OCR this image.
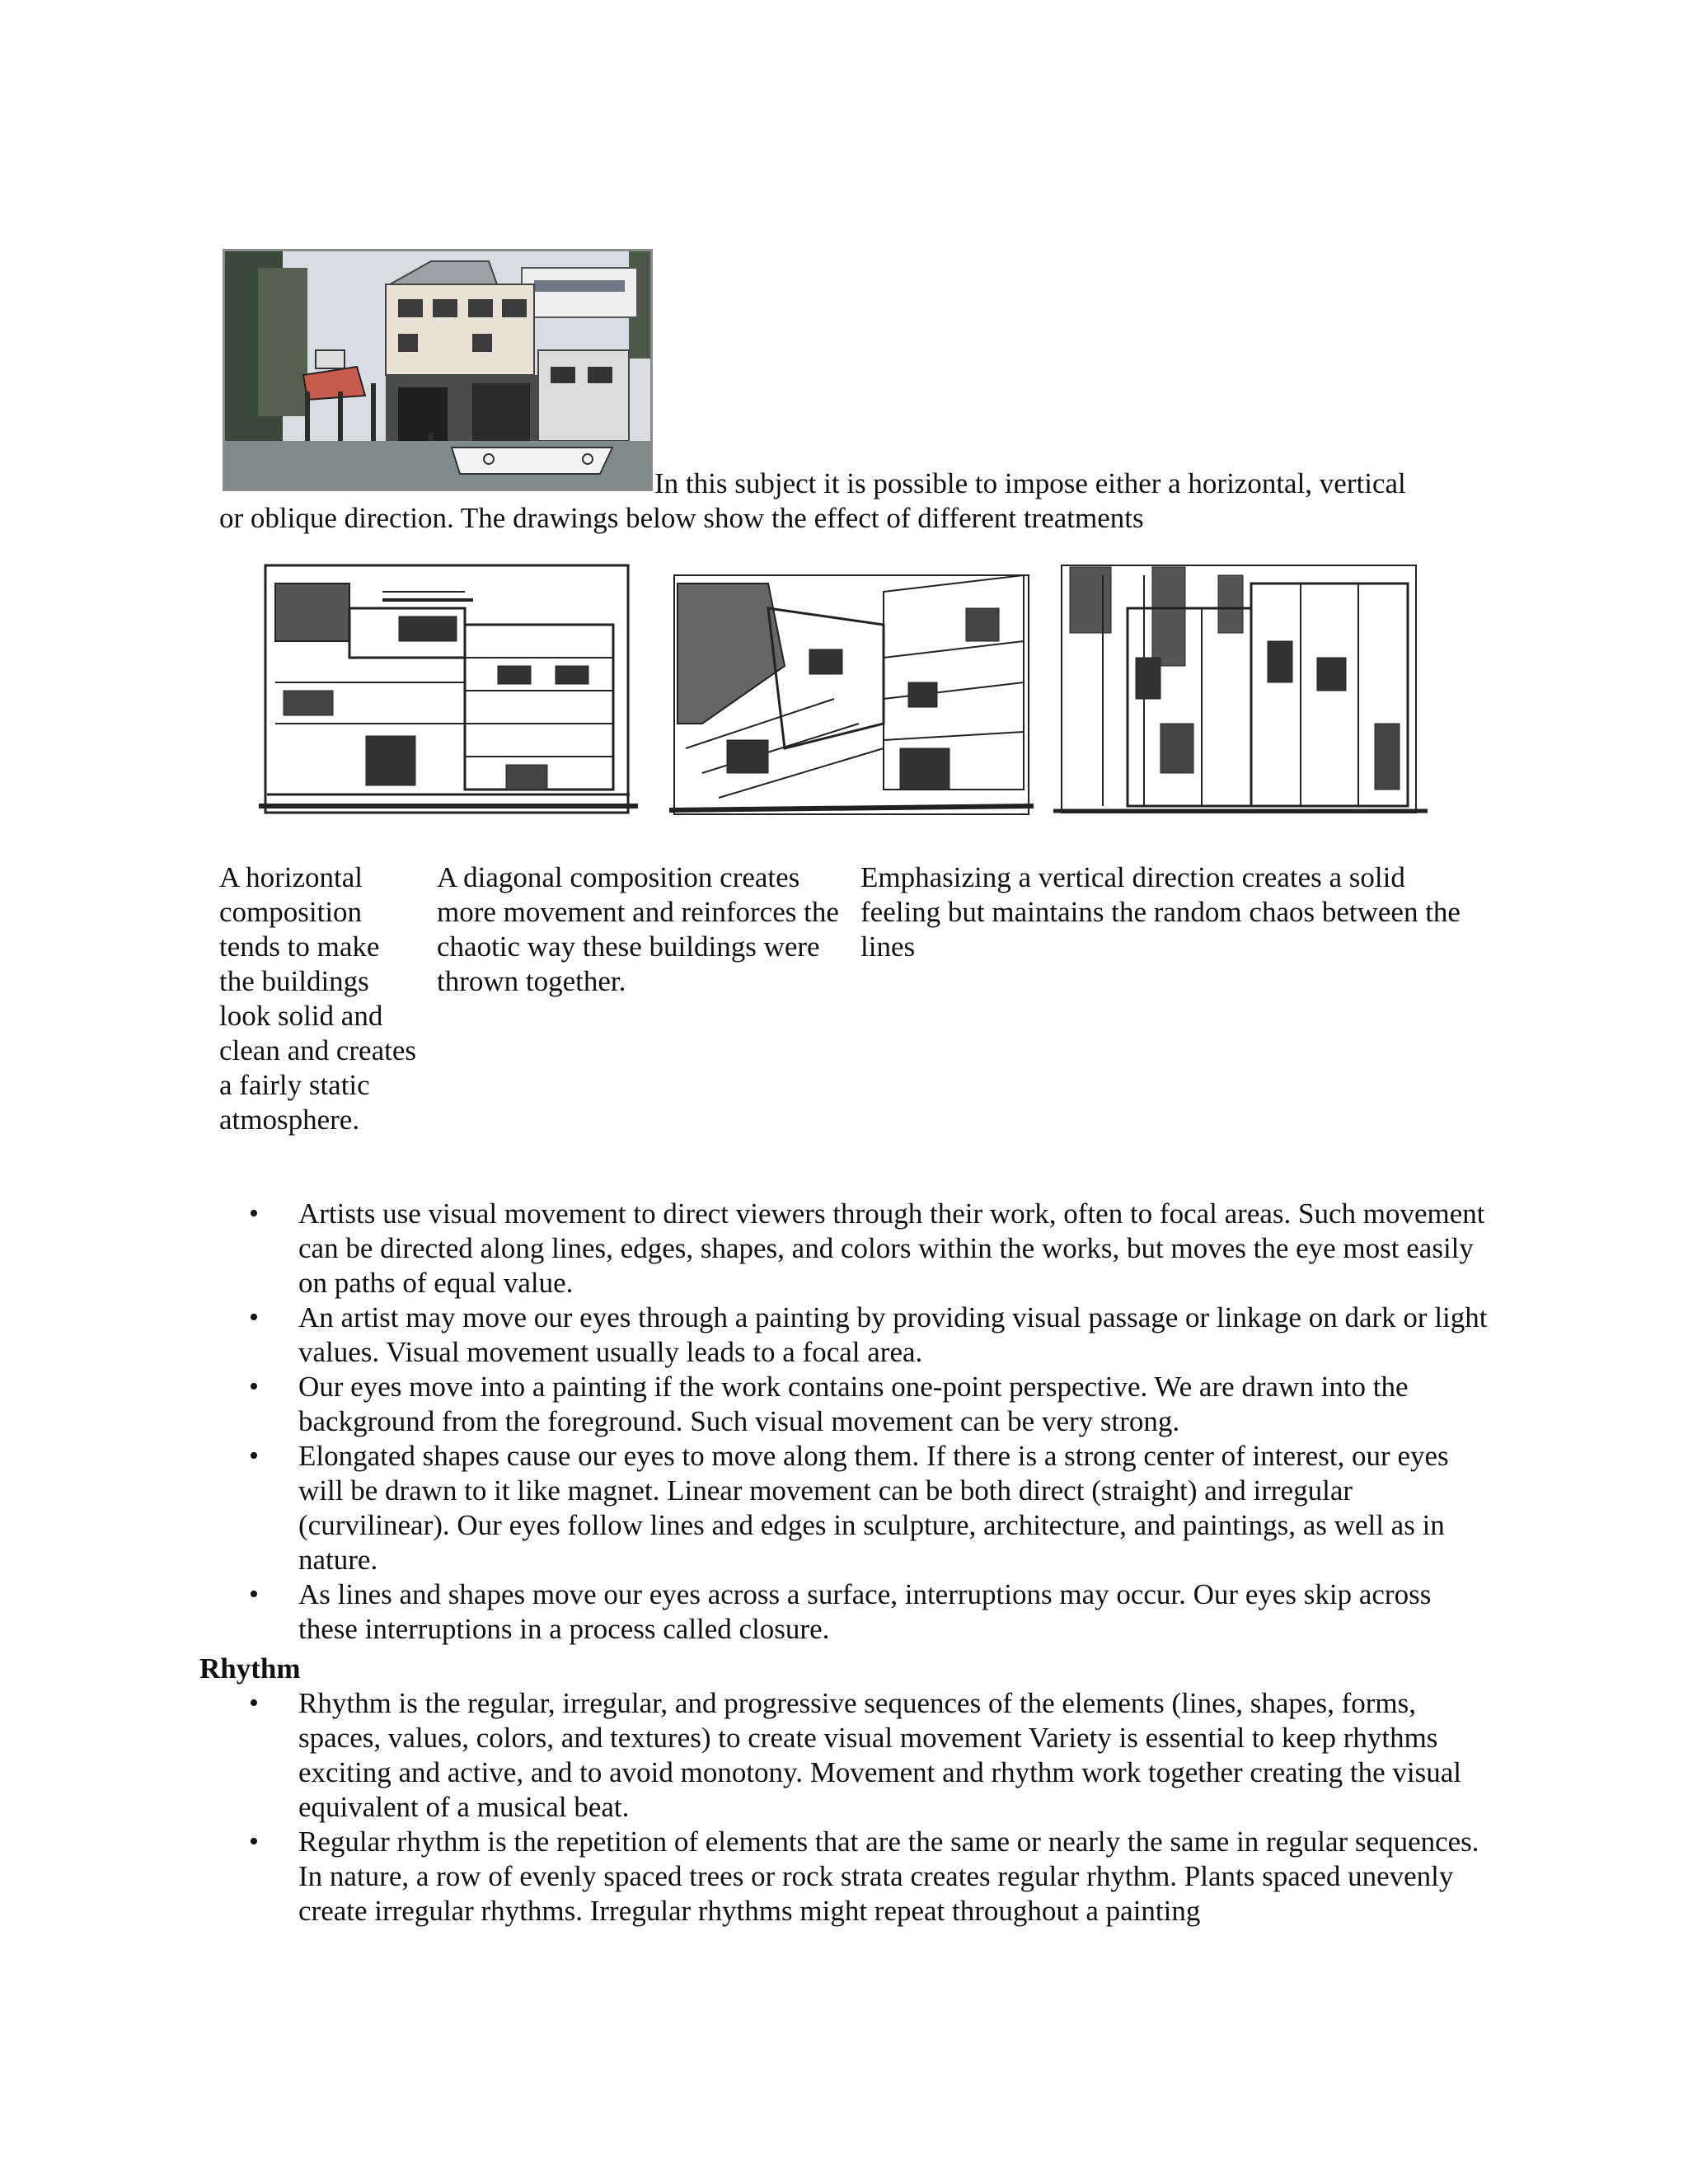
In this subject it is possible to impose either a horizontal, vertical
or oblique direction. The drawings below show the effect of different treatments
A horizontal composition tends to make the buildings look solid and clean and creates a fairly static atmosphere.
A diagonal composition creates more movement and reinforces the chaotic way these buildings were thrown together.
Emphasizing a vertical direction creates a solid feeling but maintains the random chaos between the lines
• Artists use visual movement to direct viewers through their work, often to focal areas. Such movement can be directed along lines, edges, shapes, and colors within the works, but moves the eye most easily on paths of equal value.
• An artist may move our eyes through a painting by providing visual passage or linkage on dark or light values. Visual movement usually leads to a focal area.
• Our eyes move into a painting if the work contains one-point perspective. We are drawn into the background from the foreground. Such visual movement can be very strong.
• Elongated shapes cause our eyes to move along them. If there is a strong center of interest, our eyes will be drawn to it like magnet. Linear movement can be both direct (straight) and irregular (curvilinear). Our eyes follow lines and edges in sculpture, architecture, and paintings, as well as in nature.
• As lines and shapes move our eyes across a surface, interruptions may occur. Our eyes skip across these interruptions in a process called closure.
Rhythm
• Rhythm is the regular, irregular, and progressive sequences of the elements (lines, shapes, forms, spaces, values, colors, and textures) to create visual movement Variety is essential to keep rhythms exciting and active, and to avoid monotony. Movement and rhythm work together creating the visual equivalent of a musical beat.
• Regular rhythm is the repetition of elements that are the same or nearly the same in regular sequences. In nature, a row of evenly spaced trees or rock strata creates regular rhythm. Plants spaced unevenly create irregular rhythms. Irregular rhythms might repeat throughout a painting
